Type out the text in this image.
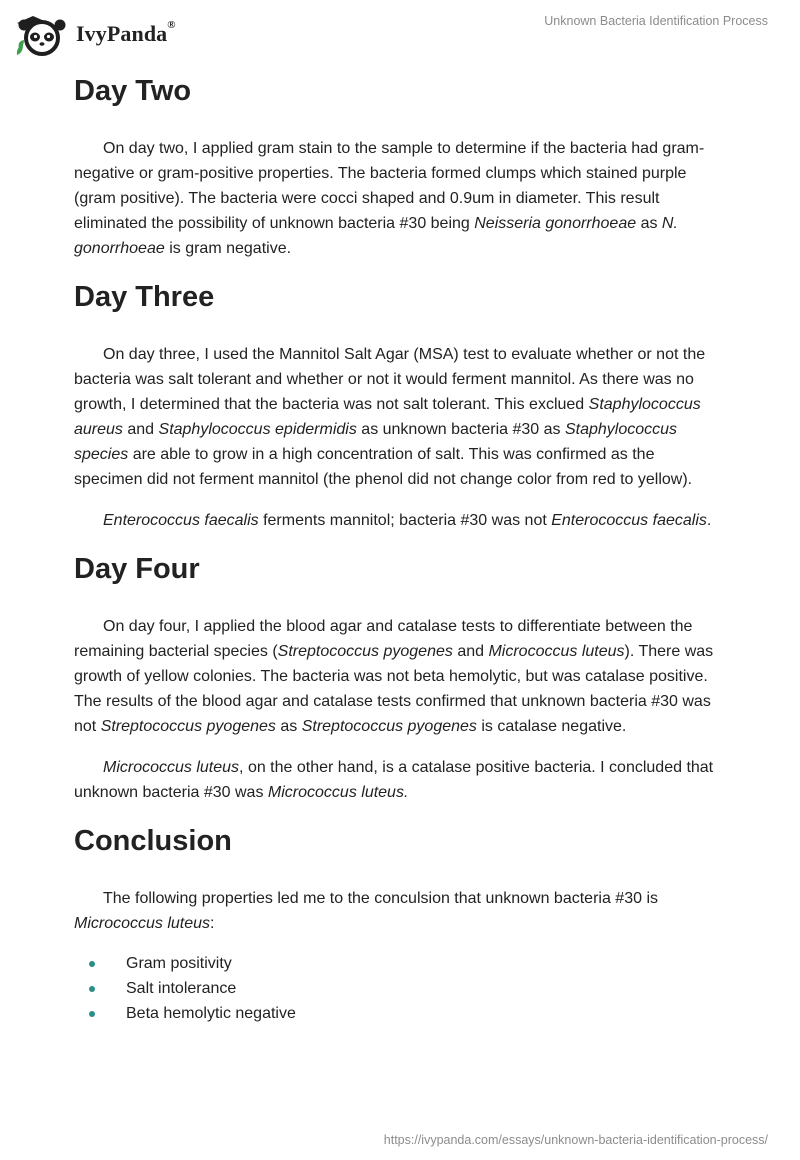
IvyPanda®	Unknown Bacteria Identification Process
Day Two

On day two, I applied gram stain to the sample to determine if the bacteria had gram-negative or gram-positive properties. The bacteria formed clumps which stained purple (gram positive). The bacteria were cocci shaped and 0.9um in diameter. This result eliminated the possibility of unknown bacteria #30 being Neisseria gonorrhoeae as N. gonorrhoeae is gram negative.

Day Three

On day three, I used the Mannitol Salt Agar (MSA) test to evaluate whether or not the bacteria was salt tolerant and whether or not it would ferment mannitol. As there was no growth, I determined that the bacteria was not salt tolerant. This exclued Staphylococcus aureus and Staphylococcus epidermidis as unknown bacteria #30 as Staphylococcus species are able to grow in a high concentration of salt. This was confirmed as the specimen did not ferment mannitol (the phenol did not change color from red to yellow).

Enterococcus faecalis ferments mannitol; bacteria #30 was not Enterococcus faecalis.

Day Four

On day four, I applied the blood agar and catalase tests to differentiate between the remaining bacterial species (Streptococcus pyogenes and Micrococcus luteus). There was growth of yellow colonies. The bacteria was not beta hemolytic, but was catalase positive. The results of the blood agar and catalase tests confirmed that unknown bacteria #30 was not Streptococcus pyogenes as Streptococcus pyogenes is catalase negative.

Micrococcus luteus, on the other hand, is a catalase positive bacteria. I concluded that unknown bacteria #30 was Micrococcus luteus.

Conclusion

The following properties led me to the conculsion that unknown bacteria #30 is Micrococcus luteus:

Gram positivity
Salt intolerance
Beta hemolytic negative
https://ivypanda.com/essays/unknown-bacteria-identification-process/
